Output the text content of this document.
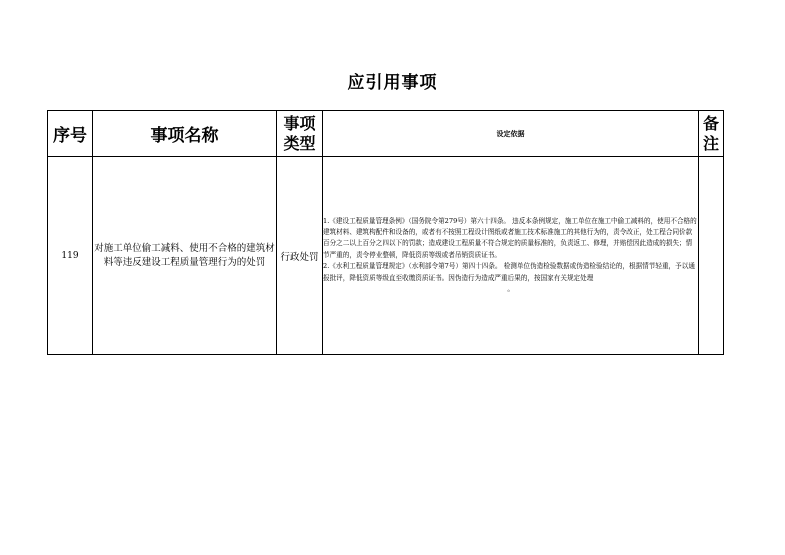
应引用事项
序号	事项名称	事项类型	设定依据	备注
119	对施工单位偷工减料、使用不合格的建筑材料等违反建设工程质量管理行为的处罚	行政处罚	1.《建设工程质量管理条例》（国务院令第279号）第六十四条。 违反本条例规定，施工单位在施工中偷工减料的，使用不合格的建筑材料、建筑构配件和设备的，或者有不按照工程设计图纸或者施工技术标准施工的其他行为的，责令改正，处工程合同价款百分之二以上百分之四以下的罚款；造成建设工程质量不符合规定的质量标准的，负责返工、修理，并赔偿因此造成的损失；情节严重的，责令停业整顿，降低资质等级或者吊销资质证书。
2.《水利工程质量管理规定》（水利部令第7号）第四十四条。 检测单位伪造检验数据或伪造检验结论的，根据情节轻重，予以通报批评，降低资质等级直至收缴资质证书。因伪造行为造成严重后果的，按国家有关规定处理
。	
